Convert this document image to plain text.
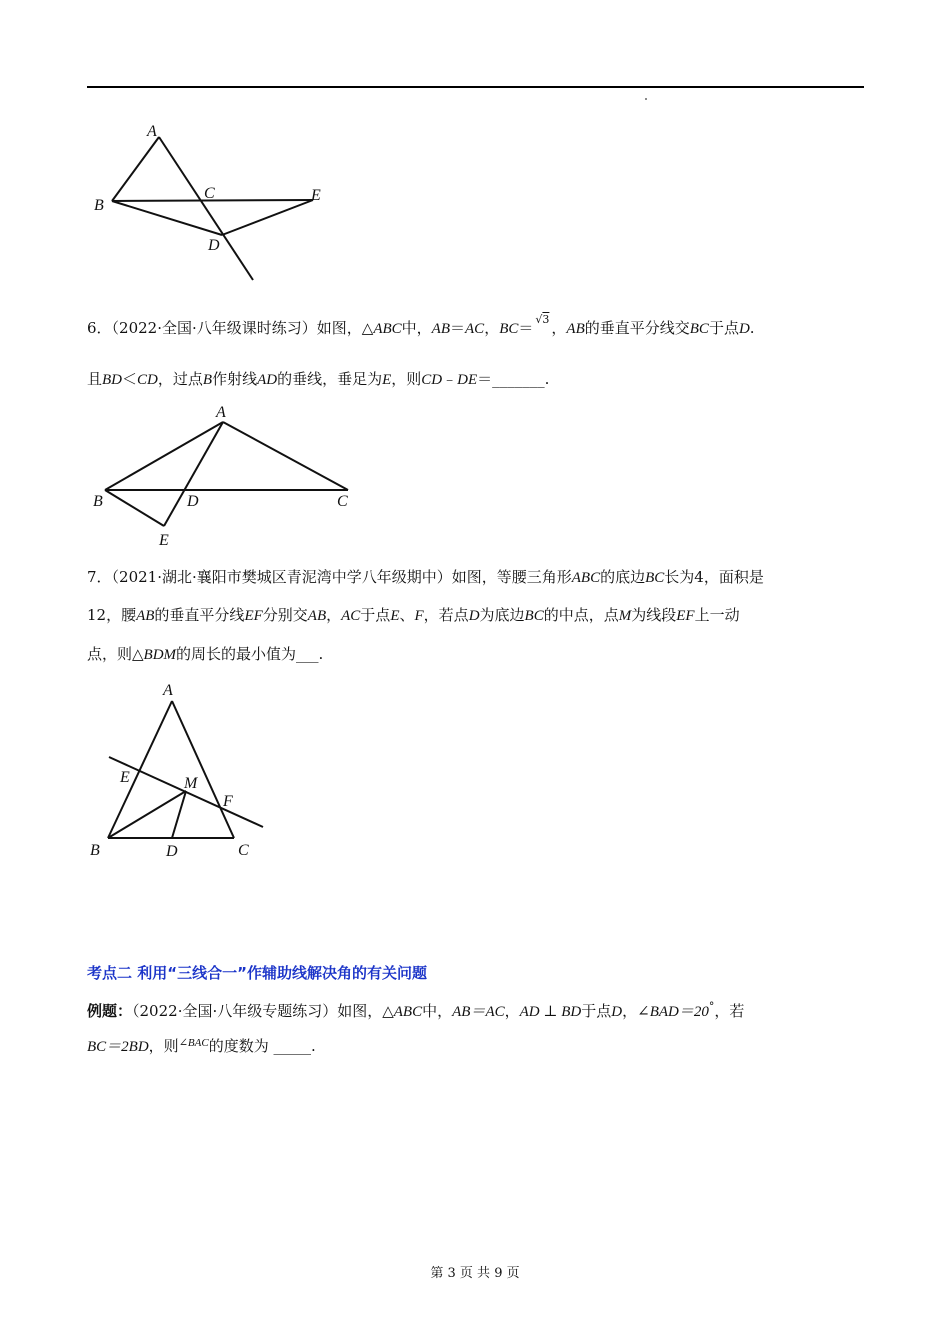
A
B
C
D
E
6．（2022·全国·八年级课时练习）如图，△ABC中，AB＝AC，BC＝ $^{√3}$ ，AB的垂直平分线交BC于点D.
且BD＜CD，过点B作射线AD的垂线，垂足为E，则CD﹣DE＝_______.
A
B	D	C
E
7．（2021·湖北·襄阳市樊城区青泥湾中学八年级期中）如图，等腰三角形ABC的底边BC长为4，面积是
12，腰AB的垂直平分线EF分别交AB，AC于点E、F，若点D为底边BC的中点，点M为线段EF上一动
点，则△BDM的周长的最小值为___.
A
E	M
F
B	D	C
考点二 利用“三线合一”作辅助线解决角的有关问题
例题：（2022·全国·八年级专题练习）如图，△ABC中，AB＝AC，AD ⊥ BD于点D，∠BAD＝20°，若
BC＝2BD，则$^{\angle BAC}$的度数为 _____.
第 3 页 共 9 页
